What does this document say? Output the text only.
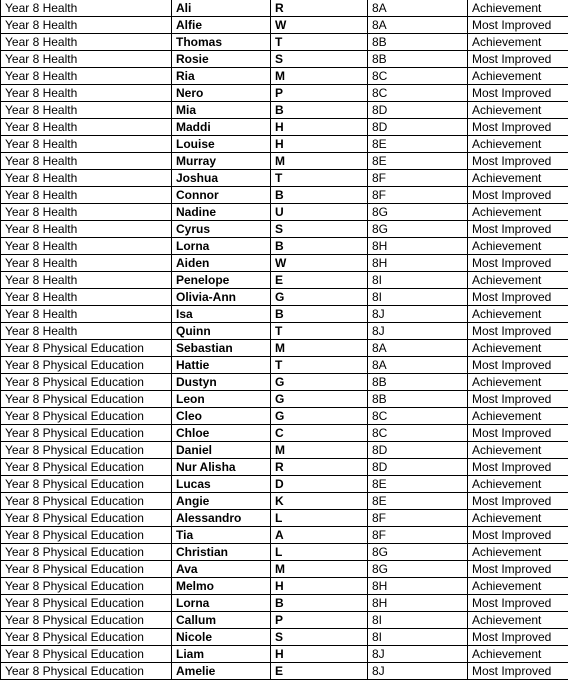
Year 8 Health	Ali	R	8A	Achievement
Year 8 Health	Alfie	W	8A	Most Improved
Year 8 Health	Thomas	T	8B	Achievement
Year 8 Health	Rosie	S	8B	Most Improved
Year 8 Health	Ria	M	8C	Achievement
Year 8 Health	Nero	P	8C	Most Improved
Year 8 Health	Mia	B	8D	Achievement
Year 8 Health	Maddi	H	8D	Most Improved
Year 8 Health	Louise	H	8E	Achievement
Year 8 Health	Murray	M	8E	Most Improved
Year 8 Health	Joshua	T	8F	Achievement
Year 8 Health	Connor	B	8F	Most Improved
Year 8 Health	Nadine	U	8G	Achievement
Year 8 Health	Cyrus	S	8G	Most Improved
Year 8 Health	Lorna	B	8H	Achievement
Year 8 Health	Aiden	W	8H	Most Improved
Year 8 Health	Penelope	E	8I	Achievement
Year 8 Health	Olivia-Ann	G	8I	Most Improved
Year 8 Health	Isa	B	8J	Achievement
Year 8 Health	Quinn	T	8J	Most Improved
Year 8 Physical Education	Sebastian	M	8A	Achievement
Year 8 Physical Education	Hattie	T	8A	Most Improved
Year 8 Physical Education	Dustyn	G	8B	Achievement
Year 8 Physical Education	Leon	G	8B	Most Improved
Year 8 Physical Education	Cleo	G	8C	Achievement
Year 8 Physical Education	Chloe	C	8C	Most Improved
Year 8 Physical Education	Daniel	M	8D	Achievement
Year 8 Physical Education	Nur Alisha	R	8D	Most Improved
Year 8 Physical Education	Lucas	D	8E	Achievement
Year 8 Physical Education	Angie	K	8E	Most Improved
Year 8 Physical Education	Alessandro	L	8F	Achievement
Year 8 Physical Education	Tia	A	8F	Most Improved
Year 8 Physical Education	Christian	L	8G	Achievement
Year 8 Physical Education	Ava	M	8G	Most Improved
Year 8 Physical Education	Melmo	H	8H	Achievement
Year 8 Physical Education	Lorna	B	8H	Most Improved
Year 8 Physical Education	Callum	P	8I	Achievement
Year 8 Physical Education	Nicole	S	8I	Most Improved
Year 8 Physical Education	Liam	H	8J	Achievement
Year 8 Physical Education	Amelie	E	8J	Most Improved
